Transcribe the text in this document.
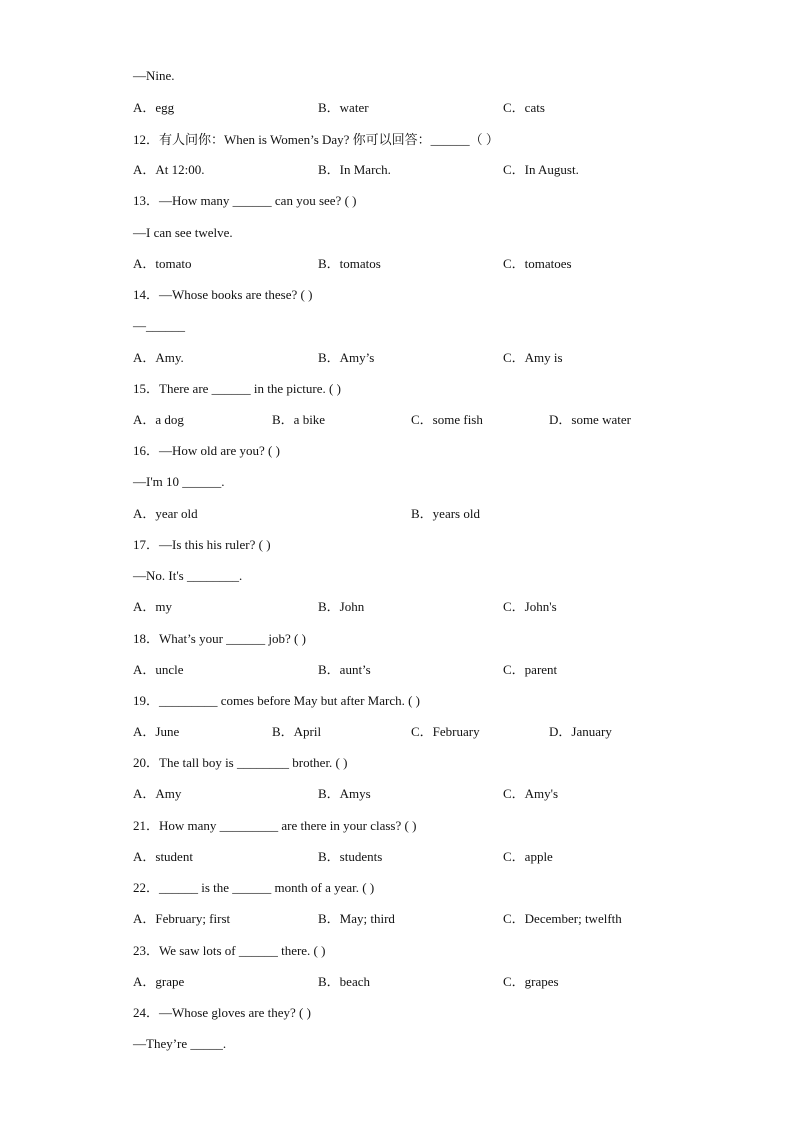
—Nine.
A．egg	B．water	C．cats
12．有人问你：When is Women’s Day? 你可以回答：______（ ）
A．At 12:00.	B．In March.	C．In August.
13．—How many ______ can you see? ( )
—I can see twelve.
A．tomato	B．tomatos	C．tomatoes
14．—Whose books are these? ( )
—______
A．Amy.	B．Amy’s	C．Amy is
15．There are ______ in the picture. ( )
A．a dog	B．a bike	C．some fish	D．some water
16．—How old are you? ( )
—I'm 10 ______.
A．year old	B．years old
17．—Is this his ruler? ( )
—No. It's ________.
A．my	B．John	C．John's
18．What’s your ______ job? ( )
A．uncle	B．aunt’s	C．parent
19．_________ comes before May but after March. ( )
A．June	B．April	C．February	D．January
20．The tall boy is ________ brother. ( )
A．Amy	B．Amys	C．Amy's
21．How many _________ are there in your class? ( )
A．student	B．students	C．apple
22．______ is the ______ month of a year. ( )
A．February; first	B．May; third	C．December; twelfth
23．We saw lots of ______ there. ( )
A．grape	B．beach	C．grapes
24．—Whose gloves are they? ( )
—They’re _____.
